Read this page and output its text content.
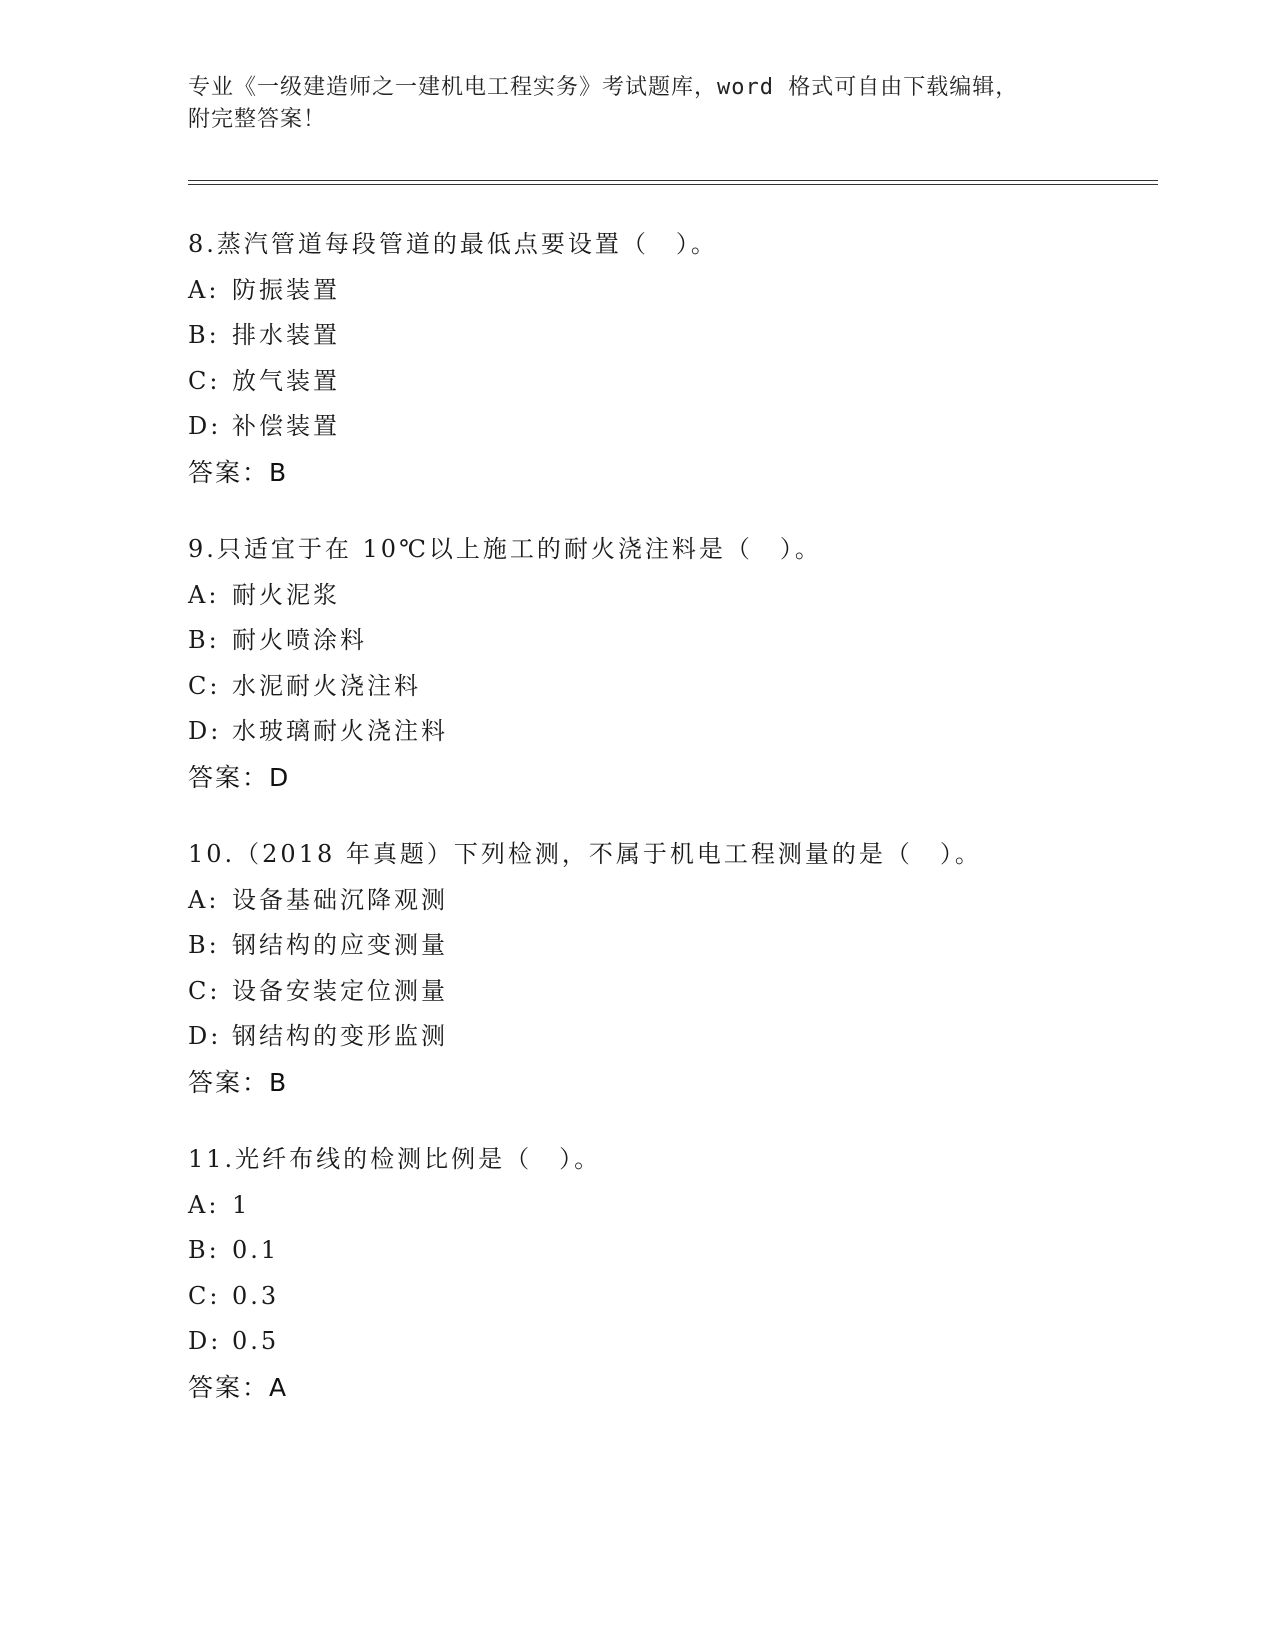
专业《一级建造师之一建机电工程实务》考试题库，word 格式可自由下载编辑，
附完整答案！
8.蒸汽管道每段管道的最低点要设置（　）。
A: 防振装置
B: 排水装置
C: 放气装置
D: 补偿装置
答案：B
9.只适宜于在 10℃以上施工的耐火浇注料是（　）。
A: 耐火泥浆
B: 耐火喷涂料
C: 水泥耐火浇注料
D: 水玻璃耐火浇注料
答案：D
10.（2018 年真题）下列检测，不属于机电工程测量的是（　）。
A: 设备基础沉降观测
B: 钢结构的应变测量
C: 设备安装定位测量
D: 钢结构的变形监测
答案：B
11.光纤布线的检测比例是（　）。
A: 1
B: 0.1
C: 0.3
D: 0.5
答案：A
